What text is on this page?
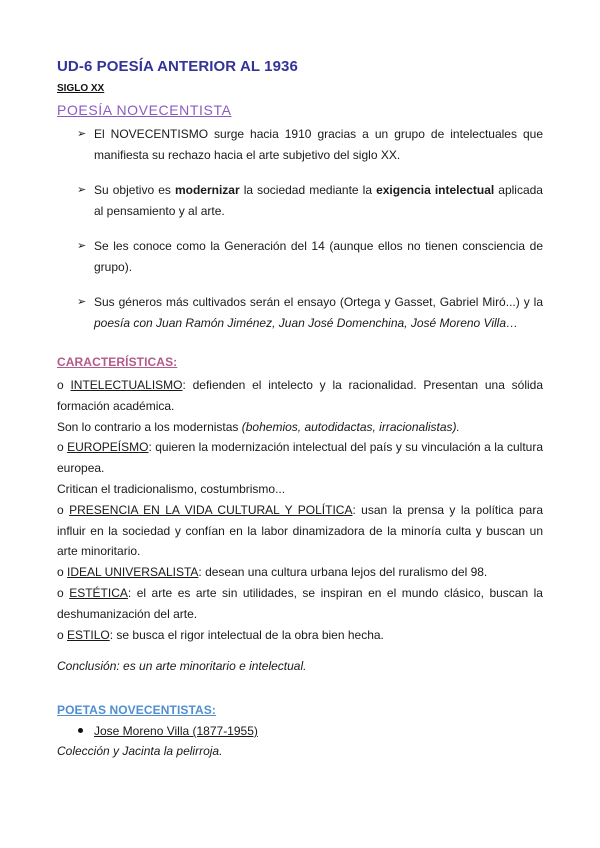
UD-6 POESÍA ANTERIOR AL 1936
SIGLO XX
POESÍA NOVECENTISTA
➢ El NOVECENTISMO surge hacia 1910 gracias a un grupo de intelectuales que manifiesta su rechazo hacia el arte subjetivo del siglo XX.
➢ Su objetivo es modernizar la sociedad mediante la exigencia intelectual aplicada al pensamiento y al arte.
➢ Se les conoce como la Generación del 14 (aunque ellos no tienen consciencia de grupo).
➢ Sus géneros más cultivados serán el ensayo (Ortega y Gasset, Gabriel Miró...) y la poesía con Juan Ramón Jiménez, Juan José Domenchina, José Moreno Villa…
CARACTERÍSTICAS:

o INTELECTUALISMO: defienden el intelecto y la racionalidad. Presentan una sólida formación académica.

Son lo contrario a los modernistas (bohemios, autodidactas, irracionalistas).

o EUROPEÍSMO: quieren la modernización intelectual del país y su vinculación a la cultura europea.

Critican el tradicionalismo, costumbrismo...

o PRESENCIA EN LA VIDA CULTURAL Y POLÍTICA: usan la prensa y la política para influir en la sociedad y confían en la labor dinamizadora de la minoría culta y buscan un arte minoritario.

o IDEAL UNIVERSALISTA: desean una cultura urbana lejos del ruralismo del 98.

o ESTÉTICA: el arte es arte sin utilidades, se inspiran en el mundo clásico, buscan la deshumanización del arte.

o ESTILO: se busca el rigor intelectual de la obra bien hecha.

Conclusión: es un arte minoritario e intelectual.
POETAS NOVECENTISTAS:
Jose Moreno Villa (1877-1955)
Colección y Jacinta la pelirroja.
